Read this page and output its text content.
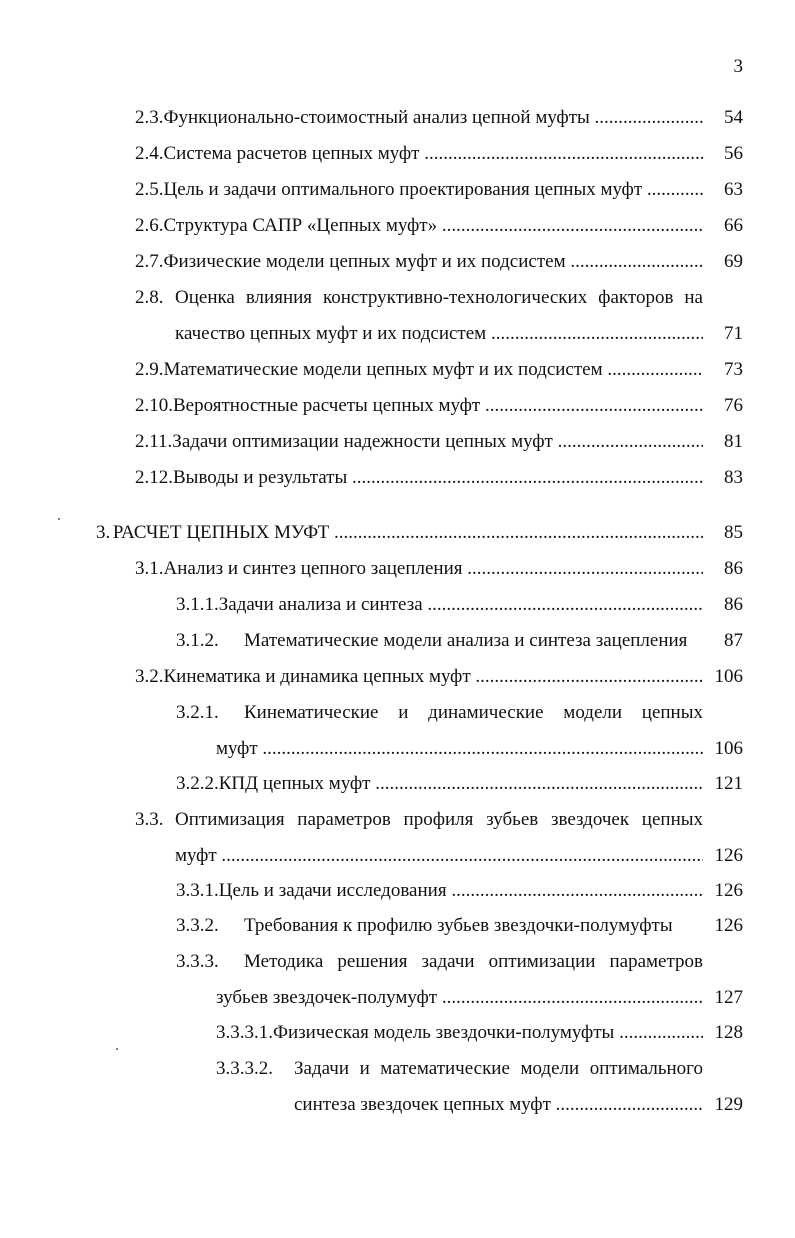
3
2.3. Функционально-стоимостный анализ цепной муфты .....	54
2.4. Система расчетов цепных муфт .....	56
2.5. Цель и задачи оптимального проектирования цепных муфт .....	63
2.6. Структура САПР «Цепных муфт» .....	66
2.7. Физические модели цепных муфт и их подсистем .....	69
2.8. Оценка влияния конструктивно-технологических факторов на
качество цепных муфт и их подсистем .....	71
2.9. Математические модели цепных муфт и их подсистем .....	73
2.10. Вероятностные расчеты цепных муфт .....	76
2.11. Задачи оптимизации надежности цепных муфт .....	81
2.12. Выводы и результаты .....	83
3. РАСЧЕТ ЦЕПНЫХ МУФТ .....	85
3.1. Анализ и синтез цепного зацепления .....	86
3.1.1. Задачи анализа и синтеза .....	86
3.1.2.	Математические модели анализа и синтеза зацепления	87
3.2. Кинематика и динамика цепных муфт .....	106
3.2.1.	Кинематические и динамические модели цепных
муфт .....	106
3.2.2. КПД цепных муфт .....	121
3.3. Оптимизация параметров профиля зубьев звездочек цепных
муфт .....	126
3.3.1. Цель и задачи исследования .....	126
3.3.2.	Требования к профилю зубьев звездочки-полумуфты	126
3.3.3.	Методика решения задачи оптимизации параметров
зубьев звездочек-полумуфт .....	127
3.3.3.1. Физическая модель звездочки-полумуфты .....	128
3.3.3.2.	Задачи и математические модели оптимального
синтеза звездочек цепных муфт .....	129
